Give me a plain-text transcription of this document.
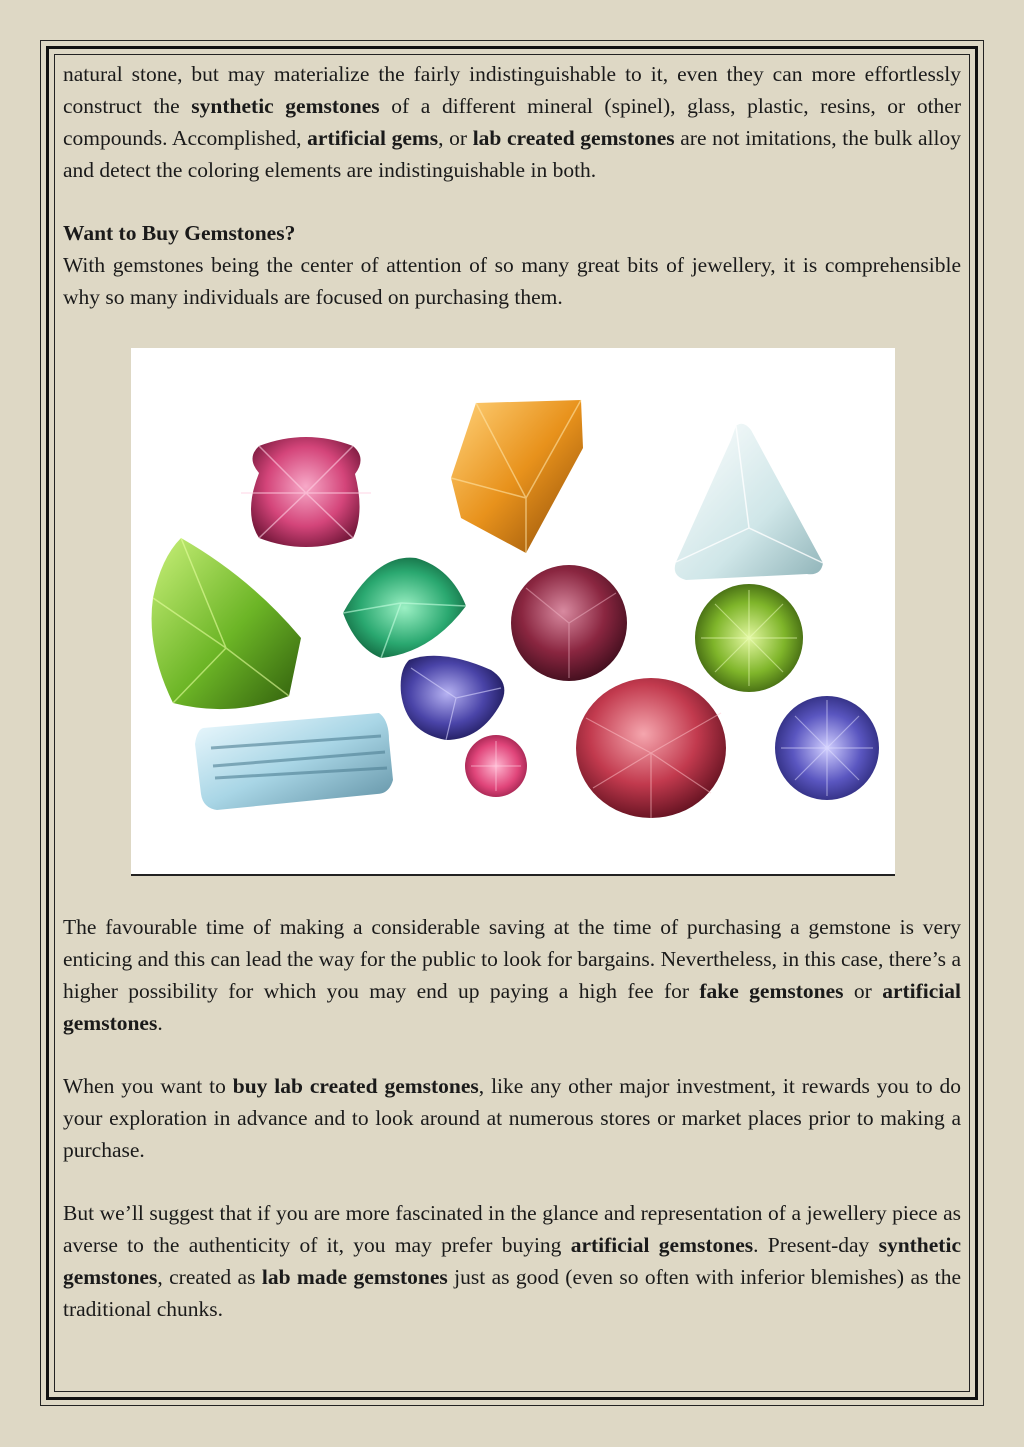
natural stone, but may materialize the fairly indistinguishable to it, even they can more effortlessly construct the synthetic gemstones of a different mineral (spinel), glass, plastic, resins, or other compounds. Accomplished, artificial gems, or lab created gemstones are not imitations, the bulk alloy and detect the coloring elements are indistinguishable in both.

Want to Buy Gemstones?

With gemstones being the center of attention of so many great bits of jewellery, it is comprehensible why so many individuals are focused on purchasing them.

The favourable time of making a considerable saving at the time of purchasing a gemstone is very enticing and this can lead the way for the public to look for bargains. Nevertheless, in this case, there’s a higher possibility for which you may end up paying a high fee for fake gemstones or artificial gemstones.

When you want to buy lab created gemstones, like any other major investment, it rewards you to do your exploration in advance and to look around at numerous stores or market places prior to making a purchase.

But we’ll suggest that if you are more fascinated in the glance and representation of a jewellery piece as averse to the authenticity of it, you may prefer buying artificial gemstones. Present-day synthetic gemstones, created as lab made gemstones just as good (even so often with inferior blemishes) as the traditional chunks.
